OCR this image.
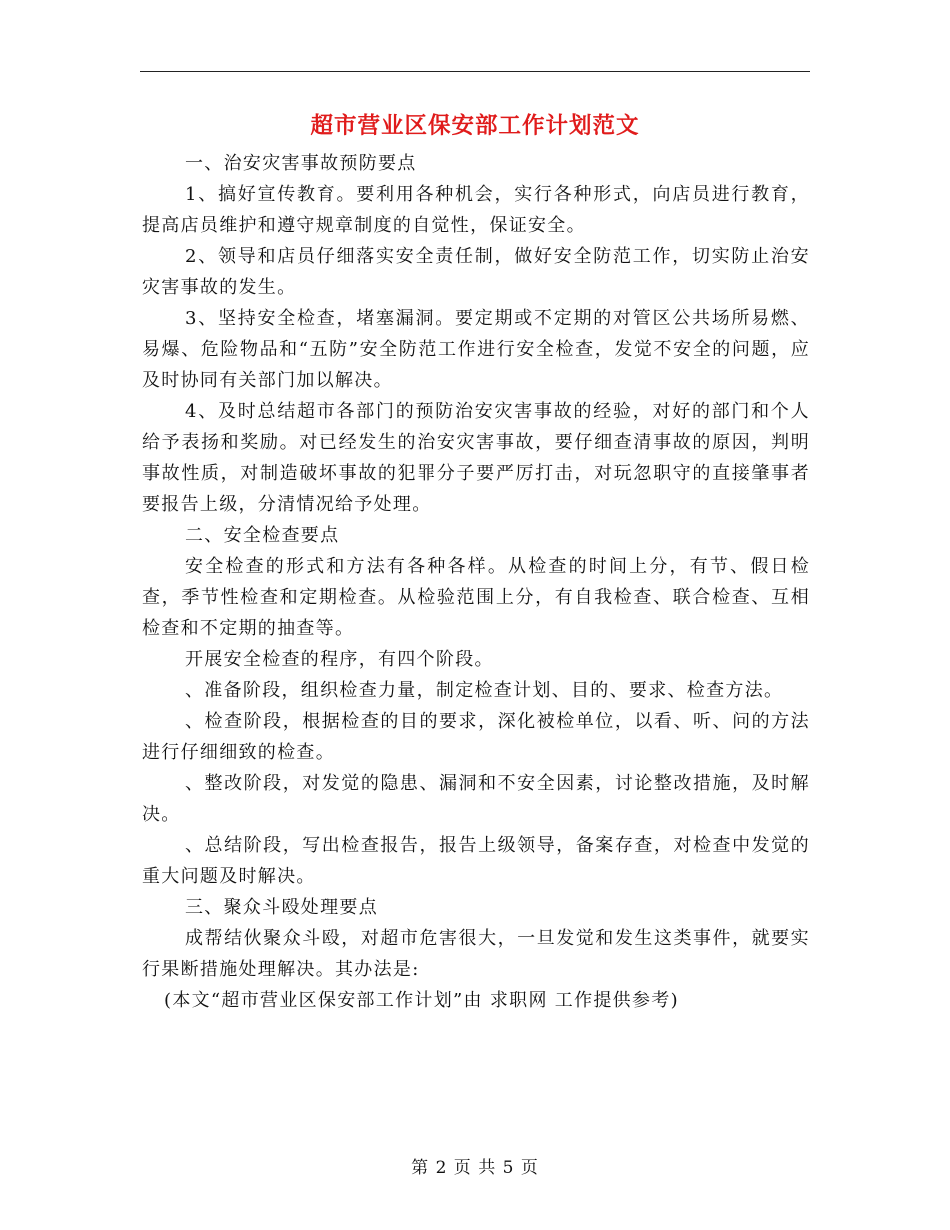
超市营业区保安部工作计划范文

一、治安灾害事故预防要点

1、搞好宣传教育。要利用各种机会，实行各种形式，向店员进行教育，提高店员维护和遵守规章制度的自觉性，保证安全。

2、领导和店员仔细落实安全责任制，做好安全防范工作，切实防止治安灾害事故的发生。

3、坚持安全检查，堵塞漏洞。要定期或不定期的对管区公共场所易燃、易爆、危险物品和“五防”安全防范工作进行安全检查，发觉不安全的问题，应及时协同有关部门加以解决。

4、及时总结超市各部门的预防治安灾害事故的经验，对好的部门和个人给予表扬和奖励。对已经发生的治安灾害事故，要仔细查清事故的原因，判明事故性质，对制造破坏事故的犯罪分子要严厉打击，对玩忽职守的直接肇事者要报告上级，分清情况给予处理。

二、安全检查要点

安全检查的形式和方法有各种各样。从检查的时间上分，有节、假日检查，季节性检查和定期检查。从检验范围上分，有自我检查、联合检查、互相检查和不定期的抽查等。

开展安全检查的程序，有四个阶段。

、准备阶段，组织检查力量，制定检查计划、目的、要求、检查方法。

、检查阶段，根据检查的目的要求，深化被检单位，以看、听、问的方法进行仔细细致的检查。

、整改阶段，对发觉的隐患、漏洞和不安全因素，讨论整改措施，及时解决。

、总结阶段，写出检查报告，报告上级领导，备案存查，对检查中发觉的重大问题及时解决。

三、聚众斗殴处理要点

成帮结伙聚众斗殴，对超市危害很大，一旦发觉和发生这类事件，就要实行果断措施处理解决。其办法是:

(本文“超市营业区保安部工作计划”由 求职网 工作提供参考)

第 2 页 共 5 页
